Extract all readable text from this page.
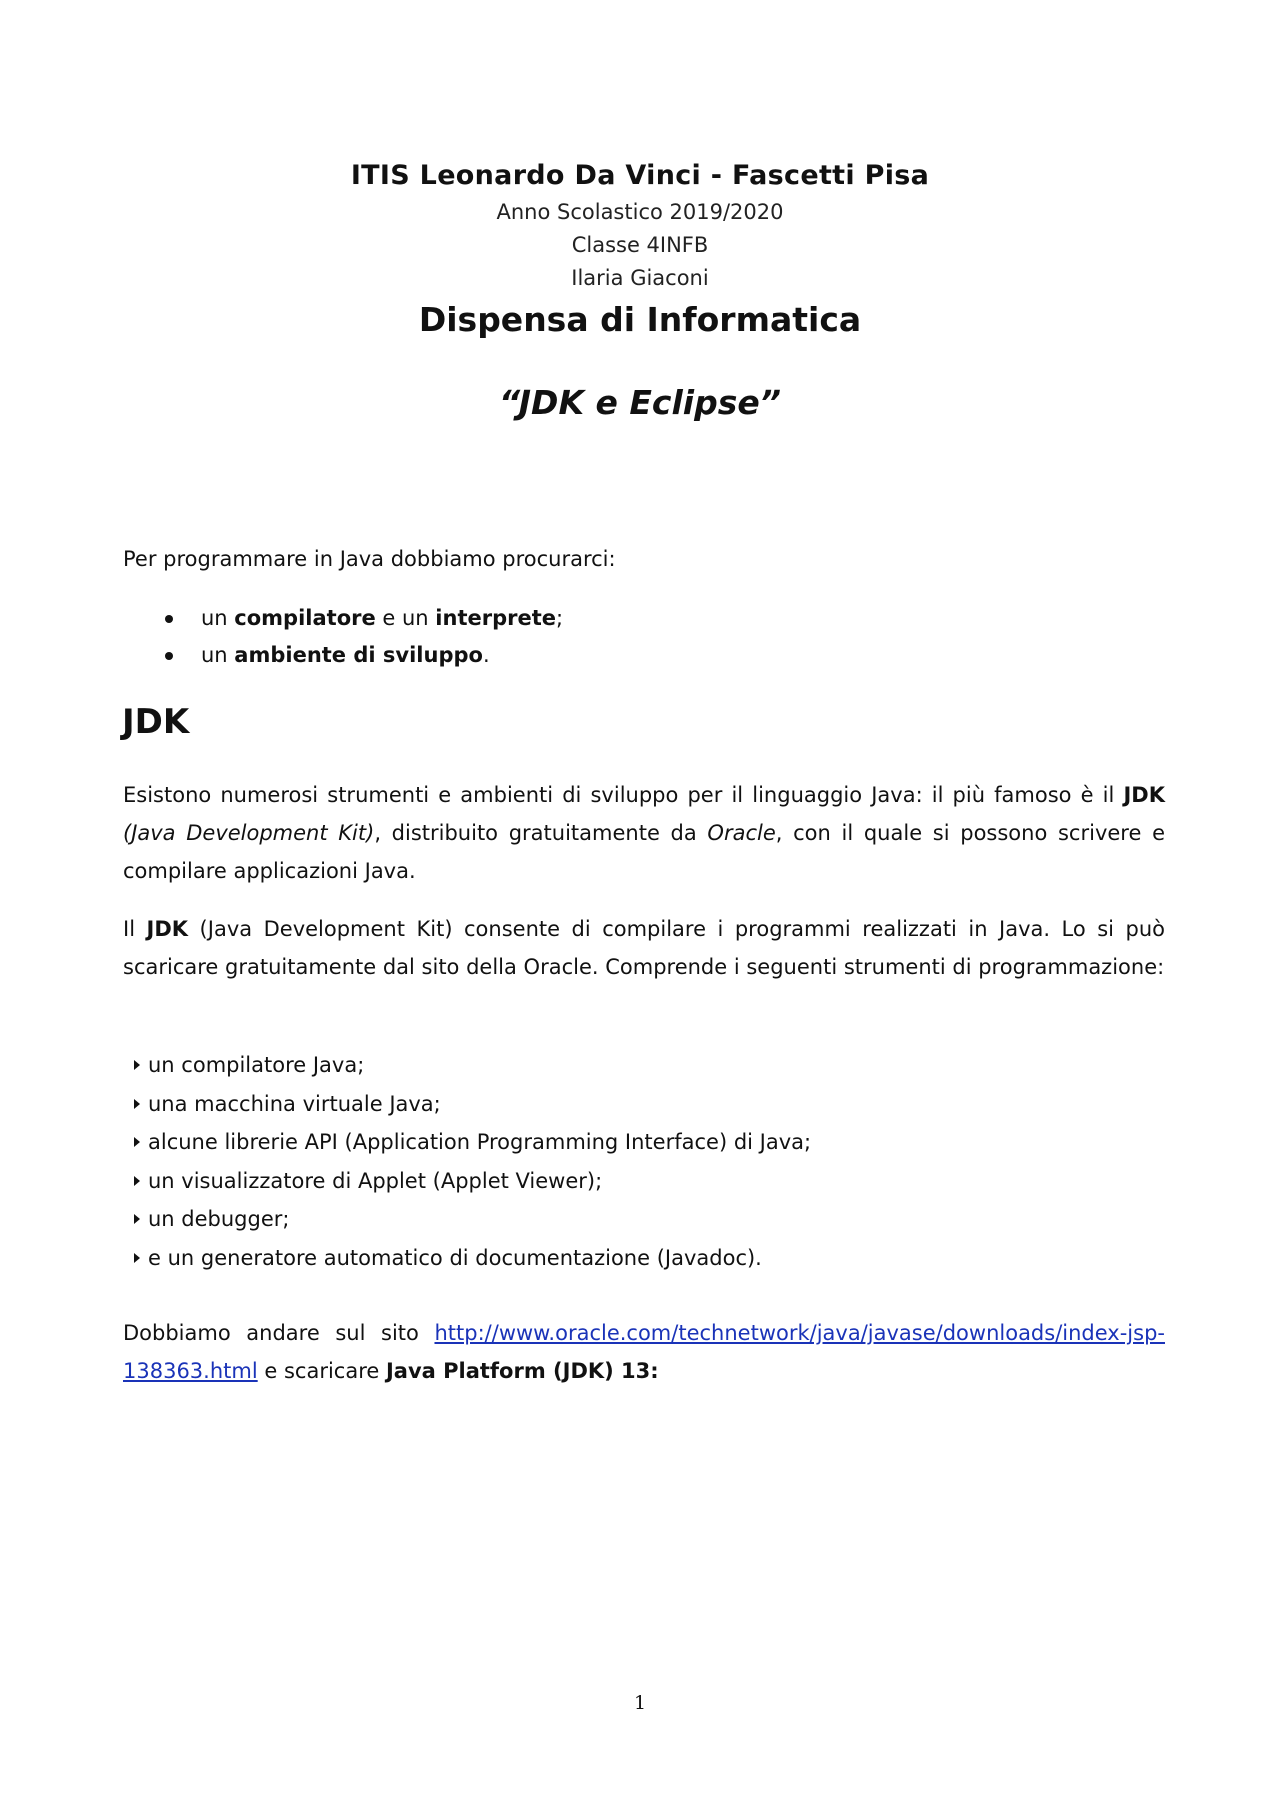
ITIS Leonardo Da Vinci - Fascetti Pisa
Anno Scolastico 2019/2020
Classe 4INFB
Ilaria Giaconi
Dispensa di Informatica
“JDK e Eclipse”
Per programmare in Java dobbiamo procurarci:
un compilatore e un interprete;
un ambiente di sviluppo.
JDK
Esistono numerosi strumenti e ambienti di sviluppo per il linguaggio Java: il più famoso è il JDK (Java Development Kit), distribuito gratuitamente da Oracle, con il quale si possono scrivere e compilare applicazioni Java.
Il JDK (Java Development Kit) consente di compilare i programmi realizzati in Java. Lo si può scaricare gratuitamente dal sito della Oracle. Comprende i seguenti strumenti di programmazione:
un compilatore Java;
una macchina virtuale Java;
alcune librerie API (Application Programming Interface) di Java;
un visualizzatore di Applet (Applet Viewer);
un debugger;
e un generatore automatico di documentazione (Javadoc).
Dobbiamo andare sul sito http://www.oracle.com/technetwork/java/javase/downloads/index-jsp-138363.html e scaricare Java Platform (JDK) 13:
1
